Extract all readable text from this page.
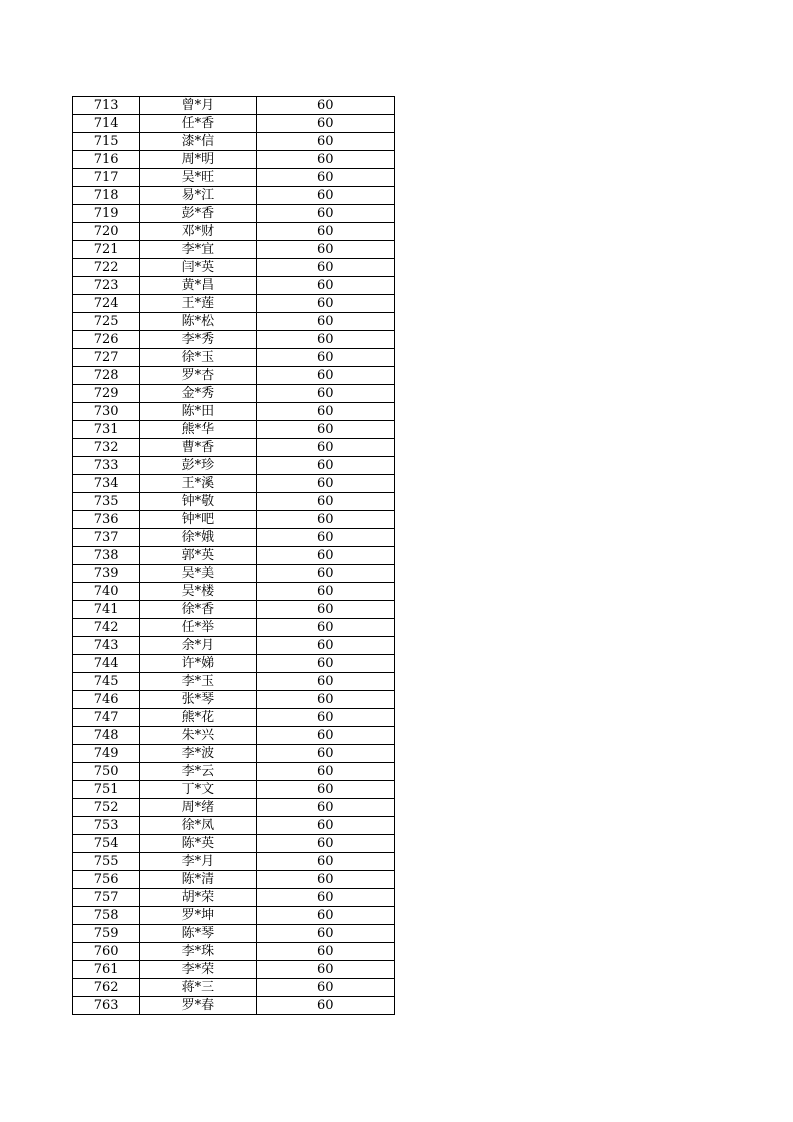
713	曾*月	60
714	任*香	60
715	漆*信	60
716	周*明	60
717	吴*旺	60
718	易*江	60
719	彭*香	60
720	邓*财	60
721	李*宜	60
722	闫*英	60
723	黄*昌	60
724	王*莲	60
725	陈*松	60
726	李*秀	60
727	徐*玉	60
728	罗*杏	60
729	金*秀	60
730	陈*田	60
731	熊*华	60
732	曹*香	60
733	彭*珍	60
734	王*溪	60
735	钟*敬	60
736	钟*吧	60
737	徐*娥	60
738	郭*英	60
739	吴*美	60
740	吴*楼	60
741	徐*香	60
742	任*举	60
743	余*月	60
744	许*娣	60
745	李*玉	60
746	张*琴	60
747	熊*花	60
748	朱*兴	60
749	李*波	60
750	李*云	60
751	丁*文	60
752	周*绪	60
753	徐*凤	60
754	陈*英	60
755	李*月	60
756	陈*清	60
757	胡*荣	60
758	罗*坤	60
759	陈*琴	60
760	李*珠	60
761	李*荣	60
762	蒋*三	60
763	罗*春	60
